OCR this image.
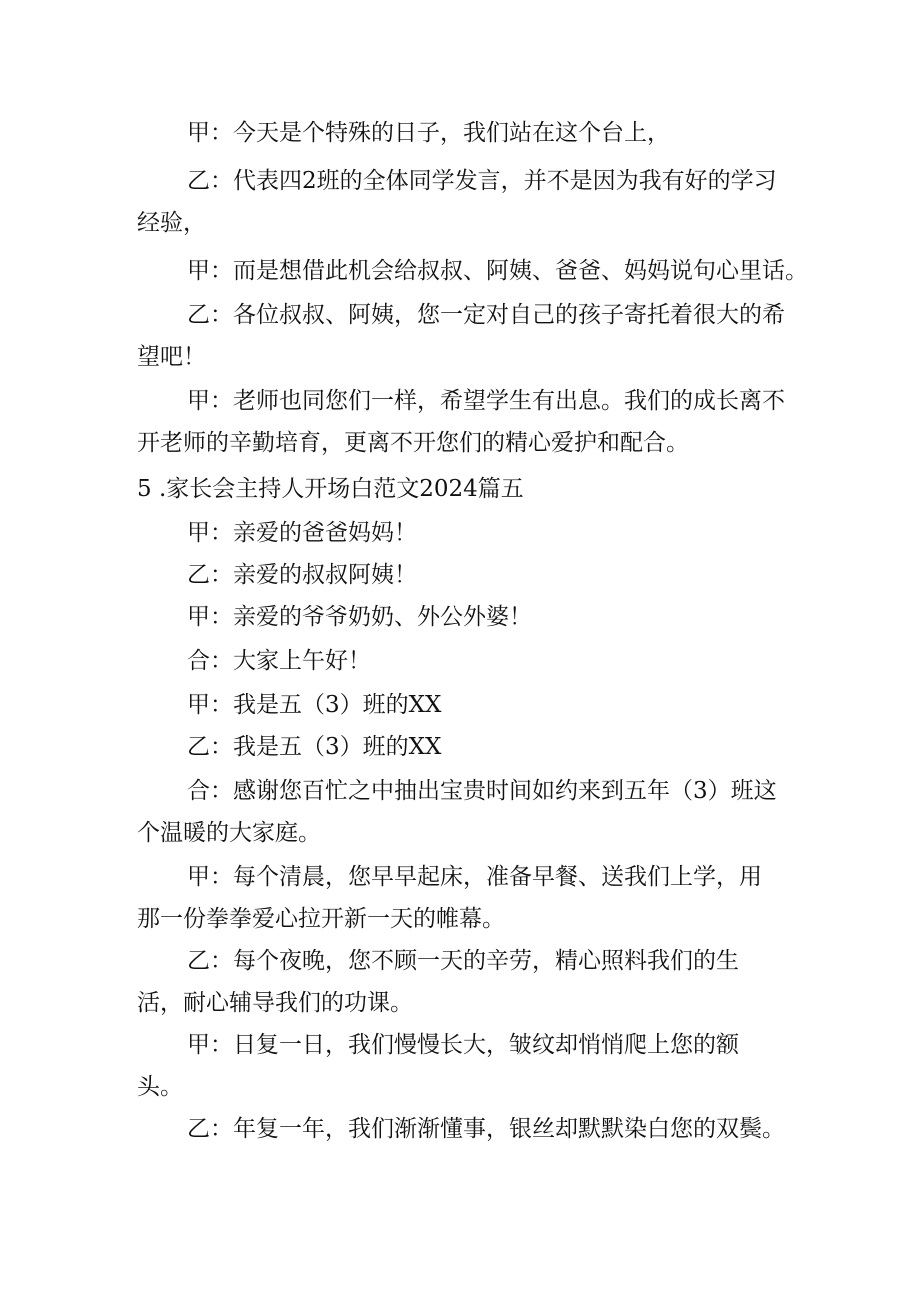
甲：今天是个特殊的日子，我们站在这个台上，

乙：代表四2班的全体同学发言，并不是因为我有好的学习
经验，

甲：而是想借此机会给叔叔、阿姨、爸爸、妈妈说句心里话。

乙：各位叔叔、阿姨，您一定对自己的孩子寄托着很大的希
望吧！

甲：老师也同您们一样，希望学生有出息。我们的成长离不
开老师的辛勤培育，更离不开您们的精心爱护和配合。

5 .家长会主持人开场白范文2024篇五

甲：亲爱的爸爸妈妈！

乙：亲爱的叔叔阿姨！

甲：亲爱的爷爷奶奶、外公外婆！

合：大家上午好！

甲：我是五（3）班的XX

乙：我是五（3）班的XX

合：感谢您百忙之中抽出宝贵时间如约来到五年（3）班这
个温暖的大家庭。

甲：每个清晨，您早早起床，准备早餐、送我们上学，用
那一份拳拳爱心拉开新一天的帷幕。

乙：每个夜晚，您不顾一天的辛劳，精心照料我们的生
活，耐心辅导我们的功课。

甲：日复一日，我们慢慢长大，皱纹却悄悄爬上您的额
头。

乙：年复一年，我们渐渐懂事，银丝却默默染白您的双鬓。
